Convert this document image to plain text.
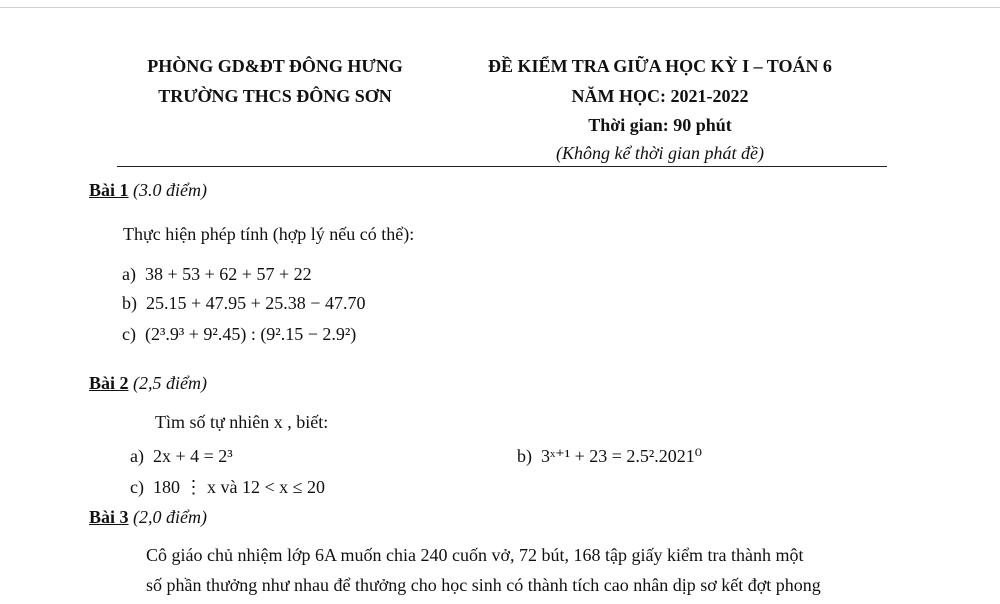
PHÒNG GD&ĐT ĐÔNG HƯNG
TRƯỜNG THCS ĐÔNG SƠN
ĐỀ KIỂM TRA GIỮA HỌC KỲ I – TOÁN 6
NĂM HỌC: 2021-2022
Thời gian: 90 phút
(Không kể thời gian phát đề)
Bài 1 (3.0 điểm)
Thực hiện phép tính (hợp lý nếu có thể):
a) 38 + 53 + 62 + 57 + 22
b) 25.15 + 47.95 + 25.38 − 47.70
c) (2³.9³ + 9².45) : (9².15 − 2.9²)
Bài 2 (2,5 điểm)
Tìm số tự nhiên x , biết:
a) 2x + 4 = 2³	b) 3ˣ⁺¹ + 23 = 2.5².2021⁰
c) 180 ⋮ x và 12 < x ≤ 20
Bài 3 (2,0 điểm)
Cô giáo chủ nhiệm lớp 6A muốn chia 240 cuốn vở, 72 bút, 168 tập giấy kiểm tra thành một
số phần thưởng như nhau để thưởng cho học sinh có thành tích cao nhân dịp sơ kết đợt phong
